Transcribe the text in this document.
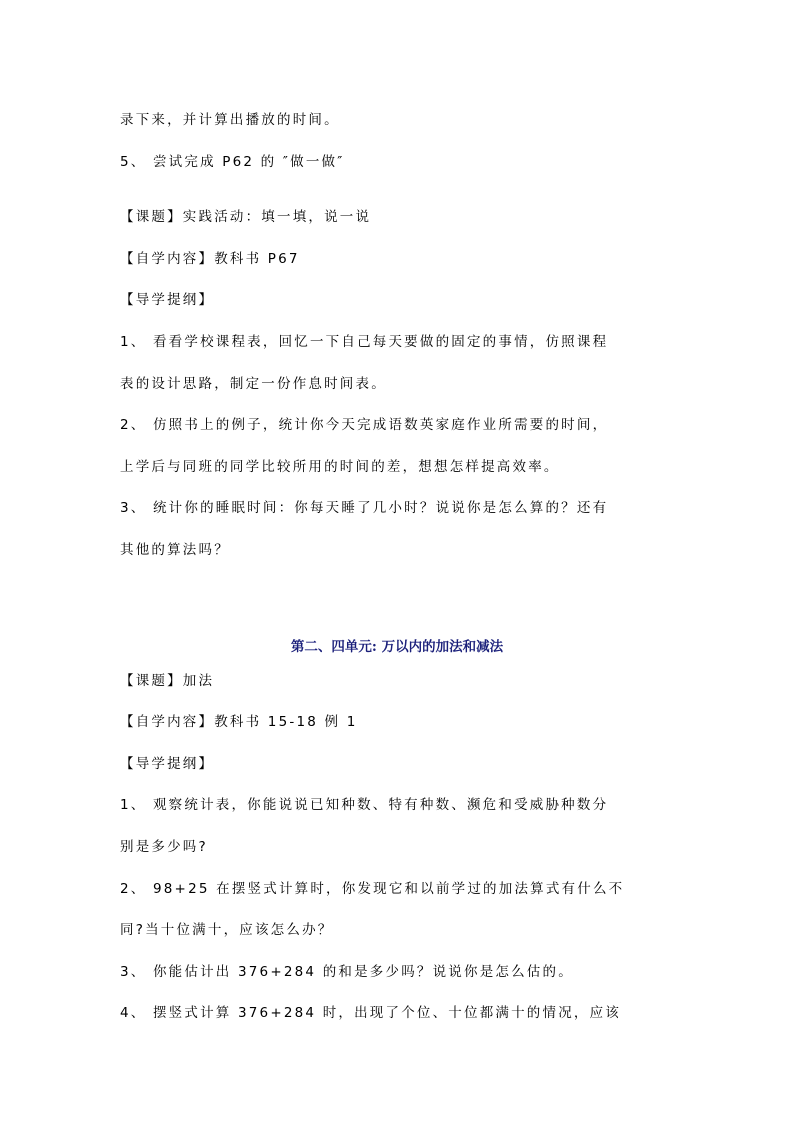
录下来，并计算出播放的时间。
5、 尝试完成 P62 的 ″做一做″
【课题】实践活动：填一填，说一说
【自学内容】教科书 P67
【导学提纲】
1、 看看学校课程表，回忆一下自己每天要做的固定的事情，仿照课程
表的设计思路，制定一份作息时间表。
2、 仿照书上的例子，统计你今天完成语数英家庭作业所需要的时间，
上学后与同班的同学比较所用的时间的差，想想怎样提高效率。
3、 统计你的睡眠时间：你每天睡了几小时？说说你是怎么算的？还有
其他的算法吗？
第二、四单元: 万以内的加法和减法
【课题】加法
【自学内容】教科书 15-18 例 1
【导学提纲】
1、 观察统计表，你能说说已知种数、特有种数、濒危和受威胁种数分
别是多少吗?
2、 98+25 在摆竖式计算时，你发现它和以前学过的加法算式有什么不
同?当十位满十，应该怎么办？
3、 你能估计出 376+284 的和是多少吗？说说你是怎么估的。
4、 摆竖式计算 376+284 时，出现了个位、十位都满十的情况，应该
